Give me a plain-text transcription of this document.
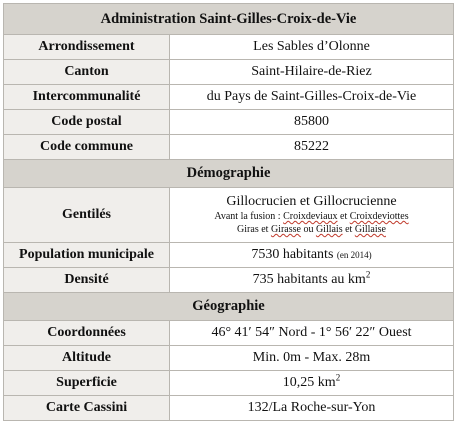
Administration Saint-Gilles-Croix-de-Vie	
Arrondissement	Les Sables d’Olonne
Canton	Saint-Hilaire-de-Riez
Intercommunalité	du Pays de Saint-Gilles-Croix-de-Vie
Code postal	85800
Code commune	85222
Démographie	
Gentilés	Gillocrucien et Gillocrucienne
Avant la fusion : Croixdeviaux et Croixdeviottes
Giras et Girasse ou Gillais et Gillaise

Population municipale	7530 habitants (en 2014)
Densité	735 habitants au $km^2$
Géographie	
Coordonnées	46° 41′ 54″ Nord - 1° 56′ 22″ Ouest
Altitude	Min. 0m - Max. 28m
Superficie	10,25 $km^2$
Carte Cassini	132/La Roche-sur-Yon
